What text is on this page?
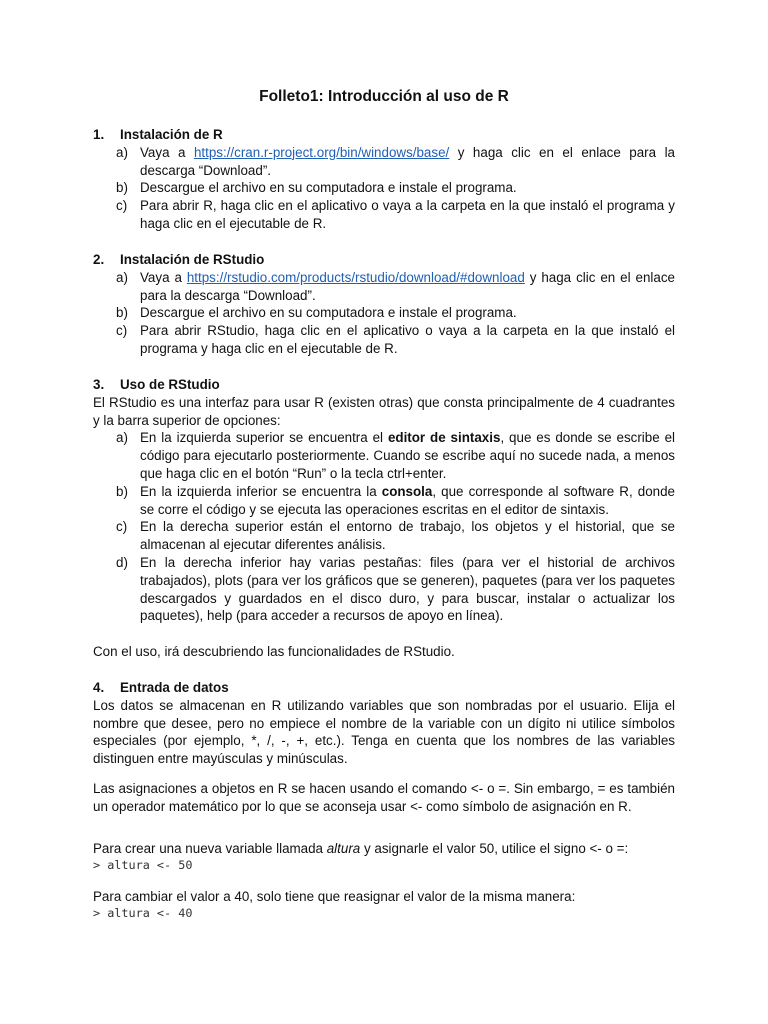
Folleto1: Introducción al uso de R
1.	Instalación de R
a) Vaya a https://cran.r-project.org/bin/windows/base/ y haga clic en el enlace para la descarga “Download”.
b) Descargue el archivo en su computadora e instale el programa.
c) Para abrir R, haga clic en el aplicativo o vaya a la carpeta en la que instaló el programa y haga clic en el ejecutable de R.
2.	Instalación de RStudio
a) Vaya a https://rstudio.com/products/rstudio/download/#download y haga clic en el enlace para la descarga “Download”.
b) Descargue el archivo en su computadora e instale el programa.
c) Para abrir RStudio, haga clic en el aplicativo o vaya a la carpeta en la que instaló el programa y haga clic en el ejecutable de R.
3.	Uso de RStudio

El RStudio es una interfaz para usar R (existen otras) que consta principalmente de 4 cuadrantes y la barra superior de opciones:

a) En la izquierda superior se encuentra el editor de sintaxis, que es donde se escribe el código para ejecutarlo posteriormente. Cuando se escribe aquí no sucede nada, a menos que haga clic en el botón “Run” o la tecla ctrl+enter.
b) En la izquierda inferior se encuentra la consola, que corresponde al software R, donde se corre el código y se ejecuta las operaciones escritas en el editor de sintaxis.
c) En la derecha superior están el entorno de trabajo, los objetos y el historial, que se almacenan al ejecutar diferentes análisis.
d) En la derecha inferior hay varias pestañas: files (para ver el historial de archivos trabajados), plots (para ver los gráficos que se generen), paquetes (para ver los paquetes descargados y guardados en el disco duro, y para buscar, instalar o actualizar los paquetes), help (para acceder a recursos de apoyo en línea).

Con el uso, irá descubriendo las funcionalidades de RStudio.

4.	Entrada de datos

Los datos se almacenan en R utilizando variables que son nombradas por el usuario. Elija el nombre que desee, pero no empiece el nombre de la variable con un dígito ni utilice símbolos especiales (por ejemplo, *, /, -, +, etc.). Tenga en cuenta que los nombres de las variables distinguen entre mayúsculas y minúsculas.

Las asignaciones a objetos en R se hacen usando el comando <- o =. Sin embargo, = es también un operador matemático por lo que se aconseja usar <- como símbolo de asignación en R.

Para crear una nueva variable llamada altura y asignarle el valor 50, utilice el signo <- o =:

> altura <- 50

Para cambiar el valor a 40, solo tiene que reasignar el valor de la misma manera:

> altura <- 40
